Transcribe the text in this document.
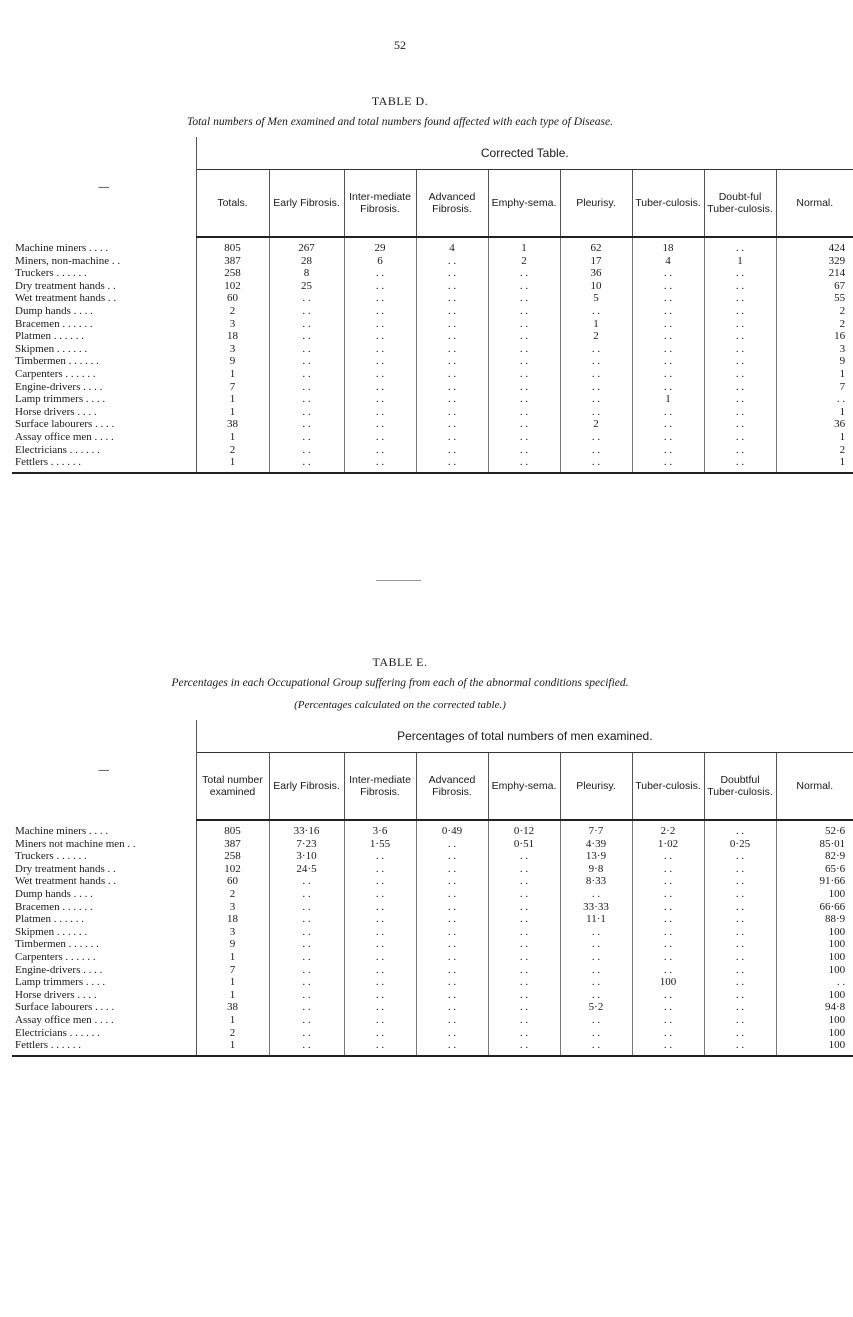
52
TABLE D.
Total numbers of Men examined and total numbers found affected with each type of Disease.
—	Corrected Table.								
	Totals.	Early Fibrosis.	Inter-mediate Fibrosis.	Advanced Fibrosis.	Emphy-sema.	Pleurisy.	Tuber-culosis.	Doubt-ful Tuber-culosis.	Normal.
Machine miners . . . .	805	267	29	4	1	62	18	. .	424
Miners, non-machine . .	387	28	6	. .	2	17	4	1	329
Truckers . . . . . .	258	8	. .	. .	. .	36	. .	. .	214
Dry treatment hands . .	102	25	. .	. .	. .	10	. .	. .	67
Wet treatment hands . .	60	. .	. .	. .	. .	5	. .	. .	55
Dump hands . . . .	2	. .	. .	. .	. .	. .	. .	. .	2
Bracemen . . . . . .	3	. .	. .	. .	. .	1	. .	. .	2
Platmen . . . . . .	18	. .	. .	. .	. .	2	. .	. .	16
Skipmen . . . . . .	3	. .	. .	. .	. .	. .	. .	. .	3
Timbermen . . . . . .	9	. .	. .	. .	. .	. .	. .	. .	9
Carpenters . . . . . .	1	. .	. .	. .	. .	. .	. .	. .	1
Engine-drivers . . . .	7	. .	. .	. .	. .	. .	. .	. .	7
Lamp trimmers . . . .	1	. .	. .	. .	. .	. .	1	. .	. .
Horse drivers . . . .	1	. .	. .	. .	. .	. .	. .	. .	1
Surface labourers . . . .	38	. .	. .	. .	. .	2	. .	. .	36
Assay office men . . . .	1	. .	. .	. .	. .	. .	. .	. .	1
Electricians . . . . . .	2	. .	. .	. .	. .	. .	. .	. .	2
Fettlers . . . . . .	1	. .	. .	. .	. .	. .	. .	. .	1
TABLE E.
Percentages in each Occupational Group suffering from each of the abnormal conditions specified.
(Percentages calculated on the corrected table.)
—	Percentages of total numbers of men examined.								
	Total number examined	Early Fibrosis.	Inter-mediate Fibrosis.	Advanced Fibrosis.	Emphy-sema.	Pleurisy.	Tuber-culosis.	Doubtful Tuber-culosis.	Normal.
Machine miners . . . .	805	33·16	3·6	0·49	0·12	7·7	2·2	. .	52·6
Miners not machine men . .	387	7·23	1·55	. .	0·51	4·39	1·02	0·25	85·01
Truckers . . . . . .	258	3·10	. .	. .	. .	13·9	. .	. .	82·9
Dry treatment hands . .	102	24·5	. .	. .	. .	9·8	. .	. .	65·6
Wet treatment hands . .	60	. .	. .	. .	. .	8·33	. .	. .	91·66
Dump hands . . . .	2	. .	. .	. .	. .	. .	. .	. .	100
Bracemen . . . . . .	3	. .	. .	. .	. .	33·33	. .	. .	66·66
Platmen . . . . . .	18	. .	. .	. .	. .	11·1	. .	. .	88·9
Skipmen . . . . . .	3	. .	. .	. .	. .	. .	. .	. .	100
Timbermen . . . . . .	9	. .	. .	. .	. .	. .	. .	. .	100
Carpenters . . . . . .	1	. .	. .	. .	. .	. .	. .	. .	100
Engine-drivers . . . .	7	. .	. .	. .	. .	. .	. .	. .	100
Lamp trimmers . . . .	1	. .	. .	. .	. .	. .	100	. .	. .
Horse drivers . . . .	1	. .	. .	. .	. .	. .	. .	. .	100
Surface labourers . . . .	38	. .	. .	. .	. .	5·2	. .	. .	94·8
Assay office men . . . .	1	. .	. .	. .	. .	. .	. .	. .	100
Electricians . . . . . .	2	. .	. .	. .	. .	. .	. .	. .	100
Fettlers . . . . . .	1	. .	. .	. .	. .	. .	. .	. .	100
